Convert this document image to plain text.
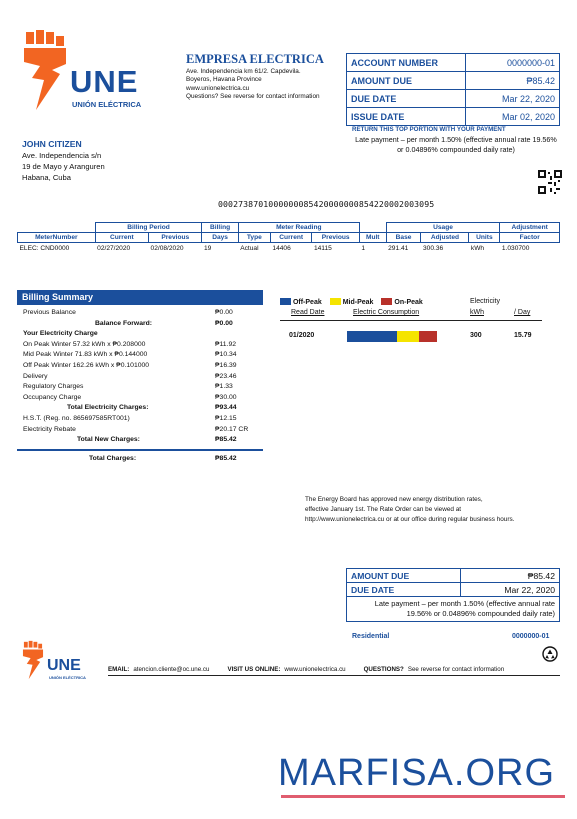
UNE
UNIÓN ELÉCTRICA
EMPRESA ELECTRICA
Ave. Independencia km 61/2. Capdevila.
Boyeros, Havana Province
www.unionelectrica.cu
Questions? See reverse for contact information
ACCOUNT NUMBER	0000000-01
AMOUNT DUE	₱85.42
DUE DATE	Mar 22, 2020
ISSUE DATE	Mar 02, 2020
RETURN THIS TOP PORTION WITH YOUR PAYMENT
Late payment – per month 1.50% (effective annual rate 19.56% or 0.04896% compounded daily rate)
JOHN CITIZEN
Ave. Independencia s/n
19 de Mayo y Aranguren
Habana, Cuba
0002738701000000085420000000854220002003095
	Billing Period		Billing	Meter Reading				Usage			Adjustment
MeterNumber	Current	Previous	Days	Type	Current	Previous	Mult	Base	Adjusted	Units	Factor
ELEC: CND0000	02/27/2020	02/08/2020	19	Actual	14406	14115	1	291.41	300.36	kWh	1.030700
Billing Summary
Previous Balance	₱0.00
Balance Forward:	₱0.00
Your Electricity Charge
On Peak Winter 57.32 kWh x ₱0.208000	₱11.92
Mid Peak Winter 71.83 kWh x ₱0.144000	₱10.34
Off Peak Winter 162.26 kWh x ₱0.101000	₱16.39
Delivery	₱23.46
Regulatory Charges	₱1.33
Occupancy Charge	₱30.00
Total Electricity Charges:	₱93.44
H.S.T. (Reg. no. 865697585RT001)	₱12.15
Electricity Rebate	₱20.17 CR
Total New Charges:	₱85.42
Total Charges:	₱85.42
Off-Peak	Mid-Peak	On-Peak	Electricity
Read Date	Electric Consumption	kWh	/ Day
01/2020	300	15.79
The Energy Board has approved new energy distribution rates,
effective January 1st. The Rate Order can be viewed at
http://www.unionelectrica.cu or at our office during regular business hours.
AMOUNT DUE	₱85.42
DUE DATE	Mar 22, 2020
Late payment – per month 1.50% (effective annual rate 19.56% or 0.04896% compounded daily rate)	
Residential	0000000-01
UNE
UNIÓN ELÉCTRICA
EMAIL: atencion.cliente@oc.une.cu	VISIT US ONLINE: www.unionelectrica.cu	QUESTIONS? See reverse for contact information
MARFISA.ORG
